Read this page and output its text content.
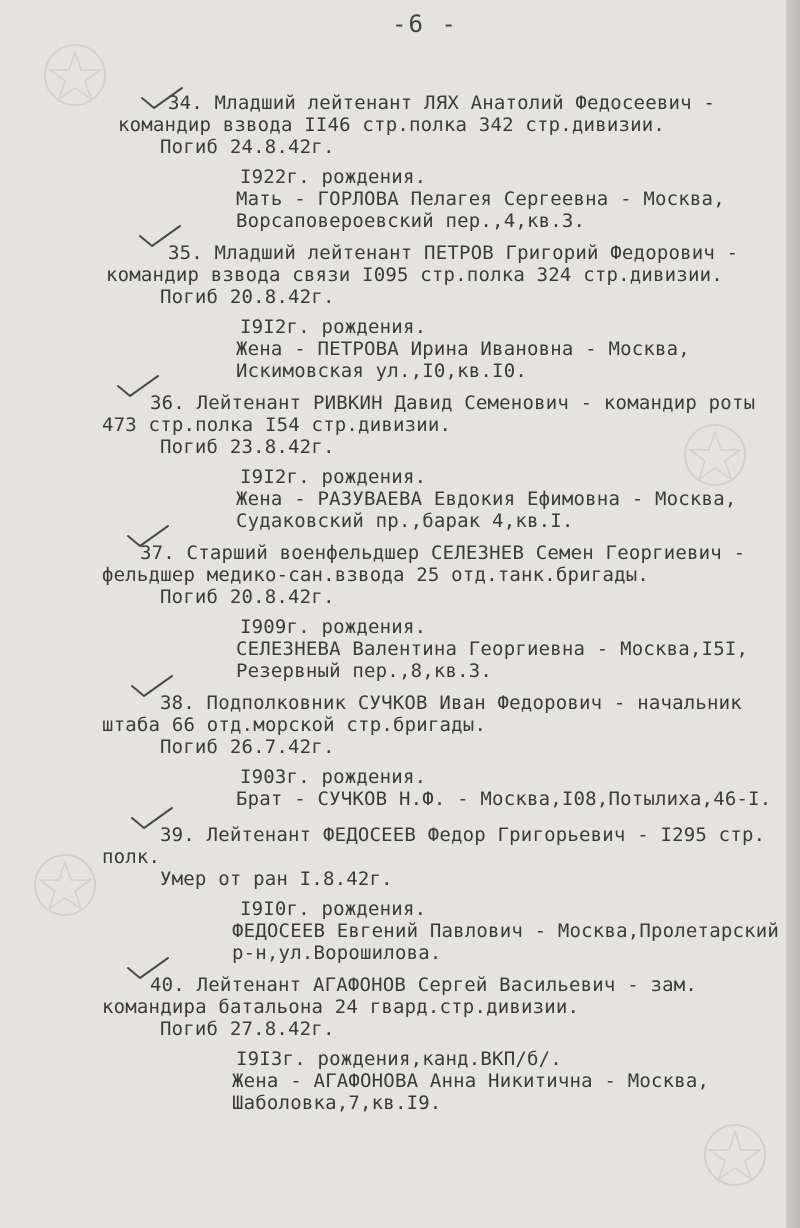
-6 -
34. Младший лейтенант ЛЯХ Анатолий Федосеевич -
командир взвода II46 стр.полка 342 стр.дивизии.
Погиб 24.8.42г.
I922г. рождения.
Мать - ГОРЛОВА Пелагея Сергеевна - Москва,
Ворсаповероевский пер.,4,кв.3.
35. Младший лейтенант ПЕТРОВ Григорий Федорович -
командир взвода связи I095 стр.полка 324 стр.дивизии.
Погиб 20.8.42г.
I9I2г. рождения.
Жена - ПЕТРОВА Ирина Ивановна - Москва,
Искимовская ул.,I0,кв.I0.
36. Лейтенант РИВКИН Давид Семенович - командир роты
473 стр.полка I54 стр.дивизии.
Погиб 23.8.42г.
I9I2г. рождения.
Жена - РАЗУВАЕВА Евдокия Ефимовна - Москва,
Судаковский пр.,барак 4,кв.I.
37. Старший военфельдшер СЕЛЕЗНЕВ Семен Георгиевич -
фельдшер медико-сан.взвода 25 отд.танк.бригады.
Погиб 20.8.42г.
I909г. рождения.
СЕЛЕЗНЕВА Валентина Георгиевна - Москва,I5I,
Резервный пер.,8,кв.3.
38. Подполковник СУЧКОВ Иван Федорович - начальник
штаба 66 отд.морской стр.бригады.
Погиб 26.7.42г.
I903г. рождения.
Брат - СУЧКОВ Н.Ф. - Москва,I08,Потылиха,46-I.
39. Лейтенант ФЕДОСЕЕВ Федор Григорьевич - I295 стр.
полк.
Умер от ран I.8.42г.
I9I0г. рождения.
ФЕДОСЕЕВ Евгений Павлович - Москва,Пролетарский
р-н,ул.Ворошилова.
40. Лейтенант АГАФОНОВ Сергей Васильевич - зам.
командира батальона 24 гвард.стр.дивизии.
Погиб 27.8.42г.
I9I3г. рождения,канд.ВКП/б/.
Жена - АГАФОНОВА Анна Никитична - Москва,
Шаболовка,7,кв.I9.
